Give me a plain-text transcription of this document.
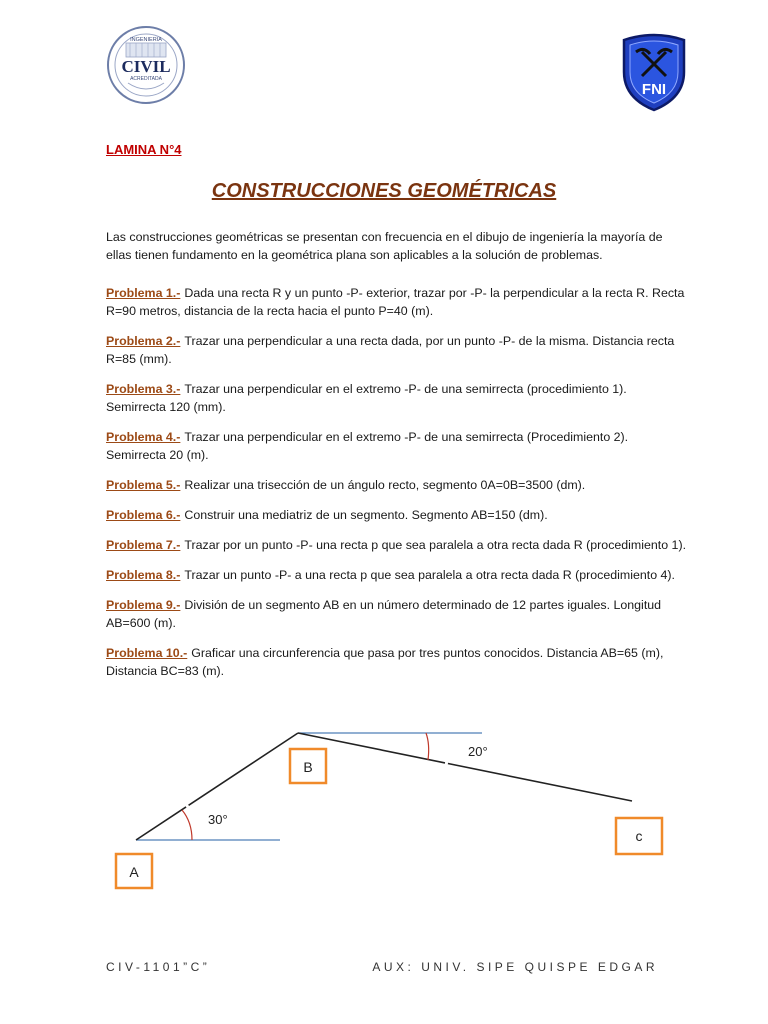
INGENIERIA
CIVIL
ACREDITADA
FNI
LAMINA N°4
CONSTRUCCIONES GEOMÉTRICAS
Las construcciones geométricas se presentan con frecuencia en el dibujo de ingeniería la mayoría de ellas tienen fundamento en la geométrica plana son aplicables a la solución de problemas.
Problema 1.- Dada una recta R y un punto -P- exterior, trazar por -P- la perpendicular a la recta R. Recta R=90 metros, distancia de la recta hacia el punto P=40 (m).
Problema 2.- Trazar una perpendicular a una recta dada, por un punto -P- de la misma. Distancia recta R=85 (mm).
Problema 3.- Trazar una perpendicular en el extremo -P- de una semirrecta (procedimiento 1). Semirrecta 120 (mm).
Problema 4.- Trazar una perpendicular en el extremo -P- de una semirrecta (Procedimiento 2). Semirrecta 20 (m).
Problema 5.- Realizar una trisección de un ángulo recto, segmento 0A=0B=3500 (dm).
Problema 6.- Construir una mediatriz de un segmento. Segmento AB=150 (dm).
Problema 7.- Trazar por un punto -P- una recta p que sea paralela a otra recta dada R (procedimiento 1).
Problema 8.- Trazar un punto -P- a una recta p que sea paralela a otra recta dada R (procedimiento 4).
Problema 9.- División de un segmento AB en un número determinado de 12 partes iguales. Longitud AB=600 (m).
Problema 10.- Graficar una circunferencia que pasa por tres puntos conocidos. Distancia AB=65 (m), Distancia BC=83 (m).
30°
20°
B
A
c
CIV-1101”C”	AUX: UNIV. SIPE QUISPE EDGAR
